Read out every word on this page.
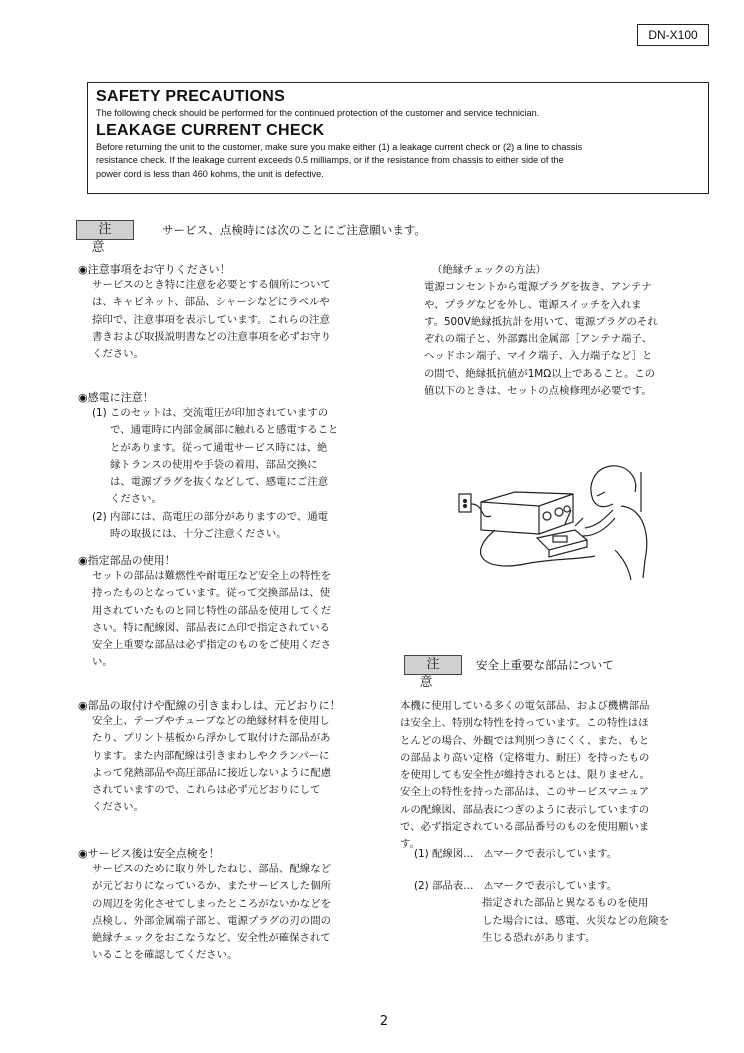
DN-X100
SAFETY PRECAUTIONS
The following check should be performed for the continued protection of the customer and service technician.
LEAKAGE CURRENT CHECK
Before returning the unit to the customer, make sure you make either (1) a leakage current check or (2) a line to chassis
resistance check. If the leakage current exceeds 0.5 milliamps, or if the resistance from chassis to either side of the
power cord is less than 460 kohms, the unit is defective.
注意
サービス、点検時には次のことにご注意願います。

◉注意事項をお守りください！

サービスのとき特に注意を必要とする個所について

は、キャビネット、部品、シャーシなどにラベルや

捺印で、注意事項を表示しています。これらの注意

書きおよび取扱説明書などの注意事項を必ずお守り

ください。

◉感電に注意！

(1) このセットは、交流電圧が印加されていますの

で、通電時に内部金属部に触れると感電すること

とがあります。従って通電サービス時には、絶

縁トランスの使用や手袋の着用、部品交換に

は、電源プラグを抜くなどして、感電にご注意

ください。

(2) 内部には、高電圧の部分がありますので、通電

時の取扱には、十分ご注意ください。

◉指定部品の使用！

セットの部品は難燃性や耐電圧など安全上の特性を

持ったものとなっています。従って交換部品は、使

用されていたものと同じ特性の部品を使用してくだ

さい。特に配線図、部品表に⚠印で指定されている

安全上重要な部品は必ず指定のものをご使用くださ

い。

◉部品の取付けや配線の引きまわしは、元どおりに！

安全上、テープやチューブなどの絶縁材料を使用し

たり、プリント基板から浮かして取付けた部品があ

ります。また内部配線は引きまわしやクランパーに

よって発熱部品や高圧部品に接近しないように配慮

されていますので、これらは必ず元どおりにして

ください。

◉サービス後は安全点検を！

サービスのために取り外したねじ、部品、配線など

が元どおりになっているか、またサービスした個所

の周辺を劣化させてしまったところがないかなどを

点検し、外部金属端子部と、電源プラグの刃の間の

絶縁チェックをおこなうなど、安全性が確保されて

いることを確認してください。

（絶縁チェックの方法）

電源コンセントから電源プラグを抜き、アンテナ

や、プラグなどを外し、電源スイッチを入れま

す。500V絶縁抵抗計を用いて、電源プラグのそれ

ぞれの端子と、外部露出金属部［アンテナ端子、

ヘッドホン端子、マイク端子、入力端子など］と

の間で、絶縁抵抗値が1MΩ以上であること。この

値以下のときは、セットの点検修理が必要です。

注意
安全上重要な部品について

本機に使用している多くの電気部品、および機構部品

は安全上、特別な特性を持っています。この特性はほ

とんどの場合、外観では判別つきにくく、また、もと

の部品より高い定格（定格電力、耐圧）を持ったもの

を使用しても安全性が維持されるとは、限りません。

安全上の特性を持った部品は、このサービスマニュア

ルの配線図、部品表につぎのように表示していますの

で、必ず指定されている部品番号のものを使用願いま

す。

(1) 配線図…　⚠マークで表示しています。
(2) 部品表…　⚠マークで表示しています。

指定された部品と異なるものを使用

した場合には、感電、火災などの危険を

生じる恐れがあります。

2
